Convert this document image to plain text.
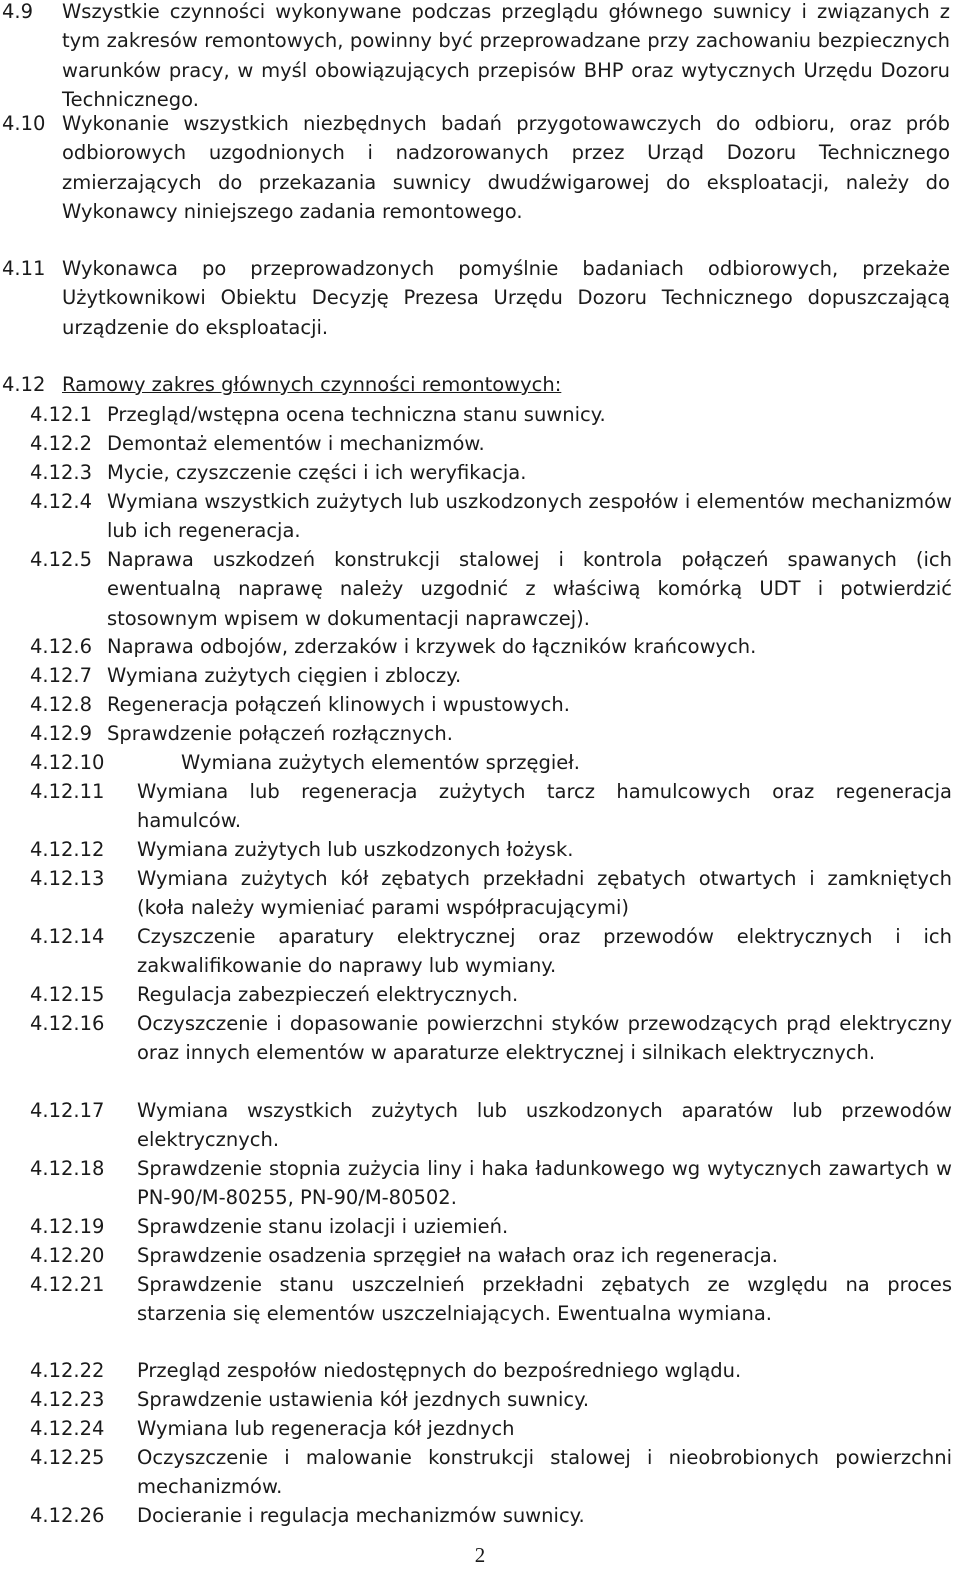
4.9 Wszystkie czynności wykonywane podczas przeglądu głównego suwnicy i związanych z tym zakresów remontowych, powinny być przeprowadzane przy zachowaniu bezpiecznych warunków pracy, w myśl obowiązujących przepisów BHP oraz wytycznych Urzędu Dozoru Technicznego.
4.10 Wykonanie wszystkich niezbędnych badań przygotowawczych do odbioru, oraz prób odbiorowych uzgodnionych i nadzorowanych przez Urząd Dozoru Technicznego zmierzających do przekazania suwnicy dwudźwigarowej do eksploatacji, należy do Wykonawcy niniejszego zadania remontowego.
4.11 Wykonawca po przeprowadzonych pomyślnie badaniach odbiorowych, przekaże Użytkownikowi Obiektu Decyzję Prezesa Urzędu Dozoru Technicznego dopuszczającą urządzenie do eksploatacji.
4.12 Ramowy zakres głównych czynności remontowych:
4.12.1 Przegląd/wstępna ocena techniczna stanu suwnicy.
4.12.2 Demontaż elementów i mechanizmów.
4.12.3 Mycie, czyszczenie części i ich weryfikacja.
4.12.4 Wymiana wszystkich zużytych lub uszkodzonych zespołów i elementów mechanizmów lub ich regeneracja.
4.12.5 Naprawa uszkodzeń konstrukcji stalowej i kontrola połączeń spawanych (ich ewentualną naprawę należy uzgodnić z właściwą komórką UDT i potwierdzić stosownym wpisem w dokumentacji naprawczej).
4.12.6 Naprawa odbojów, zderzaków i krzywek do łączników krańcowych.
4.12.7 Wymiana zużytych cięgien i zbloczy.
4.12.8 Regeneracja połączeń klinowych i wpustowych.
4.12.9 Sprawdzenie połączeń rozłącznych.
4.12.10	Wymiana zużytych elementów sprzęgieł.
4.12.11 Wymiana lub regeneracja zużytych tarcz hamulcowych oraz regeneracja hamulców.
4.12.12 Wymiana zużytych lub uszkodzonych łożysk.
4.12.13 Wymiana zużytych kół zębatych przekładni zębatych otwartych i zamkniętych (koła należy wymieniać parami współpracującymi)
4.12.14 Czyszczenie aparatury elektrycznej oraz przewodów elektrycznych i ich zakwalifikowanie do naprawy lub wymiany.
4.12.15 Regulacja zabezpieczeń elektrycznych.
4.12.16 Oczyszczenie i dopasowanie powierzchni styków przewodzących prąd elektryczny oraz innych elementów w aparaturze elektrycznej i silnikach elektrycznych.
4.12.17 Wymiana wszystkich zużytych lub uszkodzonych aparatów lub przewodów elektrycznych.
4.12.18 Sprawdzenie stopnia zużycia liny i haka ładunkowego wg wytycznych zawartych w PN-90/M-80255, PN-90/M-80502.
4.12.19 Sprawdzenie stanu izolacji i uziemień.
4.12.20 Sprawdzenie osadzenia sprzęgieł na wałach oraz ich regeneracja.
4.12.21 Sprawdzenie stanu uszczelnień przekładni zębatych ze względu na proces starzenia się elementów uszczelniających. Ewentualna wymiana.
4.12.22 Przegląd zespołów niedostępnych do bezpośredniego wglądu.
4.12.23 Sprawdzenie ustawienia kół jezdnych suwnicy.
4.12.24 Wymiana lub regeneracja kół jezdnych
4.12.25 Oczyszczenie i malowanie konstrukcji stalowej i nieobrobionych powierzchni mechanizmów.
4.12.26 Docieranie i regulacja mechanizmów suwnicy.
2
